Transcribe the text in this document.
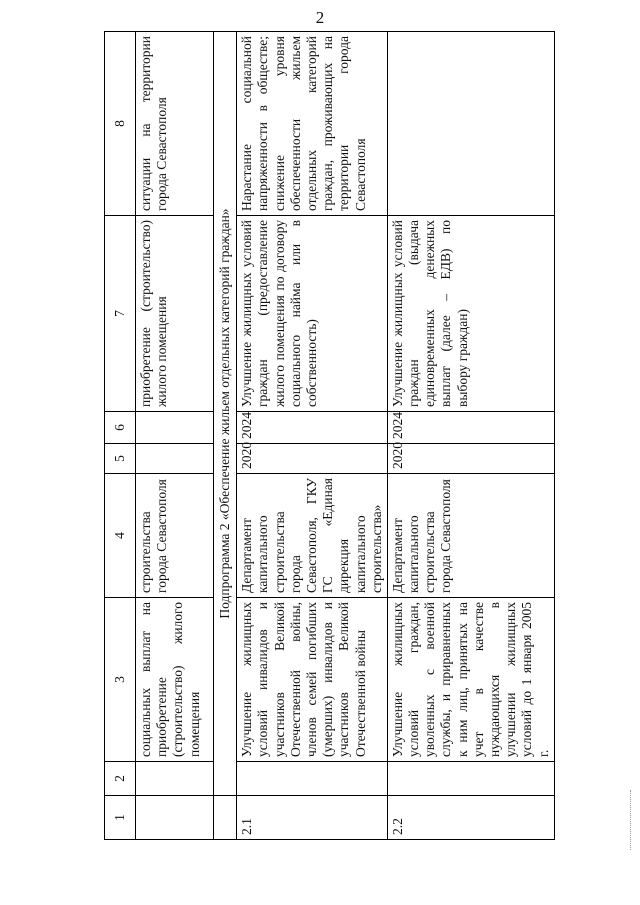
2
1	2	3	4	5	6	7	8
		социальных выплат на приобретение (строительство) жилого помещения	строительства города Севастополя			приобретение (строительство) жилого помещения	ситуации на территории города Севастополя
	Подпрограмма 2 «Обеспечение жильем отдельных категорий граждан»						
2.1		Улучшение жилищных условий инвалидов и участников Великой Отечественной войны, членов семей погибших (умерших) инвалидов и участников Великой Отечественной войны	Департамент капитального строительства города Севастополя, ГКУ ГС «Единая дирекция капитального строительства»	2020	2024	Улучшение жилищных условий граждан (предоставление жилого помещения по договору социального найма или в собственность)	Нарастание социальной напряженности в обществе; снижение уровня обеспеченности жильем отдельных категорий граждан, проживающих на территории города Севастополя
2.2		Улучшение жилищных условий граждан, уволенных с военной службы, и приравненных к ним лиц, принятых на учет в качестве нуждающихся в улучшении жилищных условий до 1 января 2005 г.	Департамент капитального строительства города Севастополя	2020	2024	Улучшение жилищных условий граждан (выдача единовременных денежных выплат (далее – ЕДВ) по выбору граждан)	
